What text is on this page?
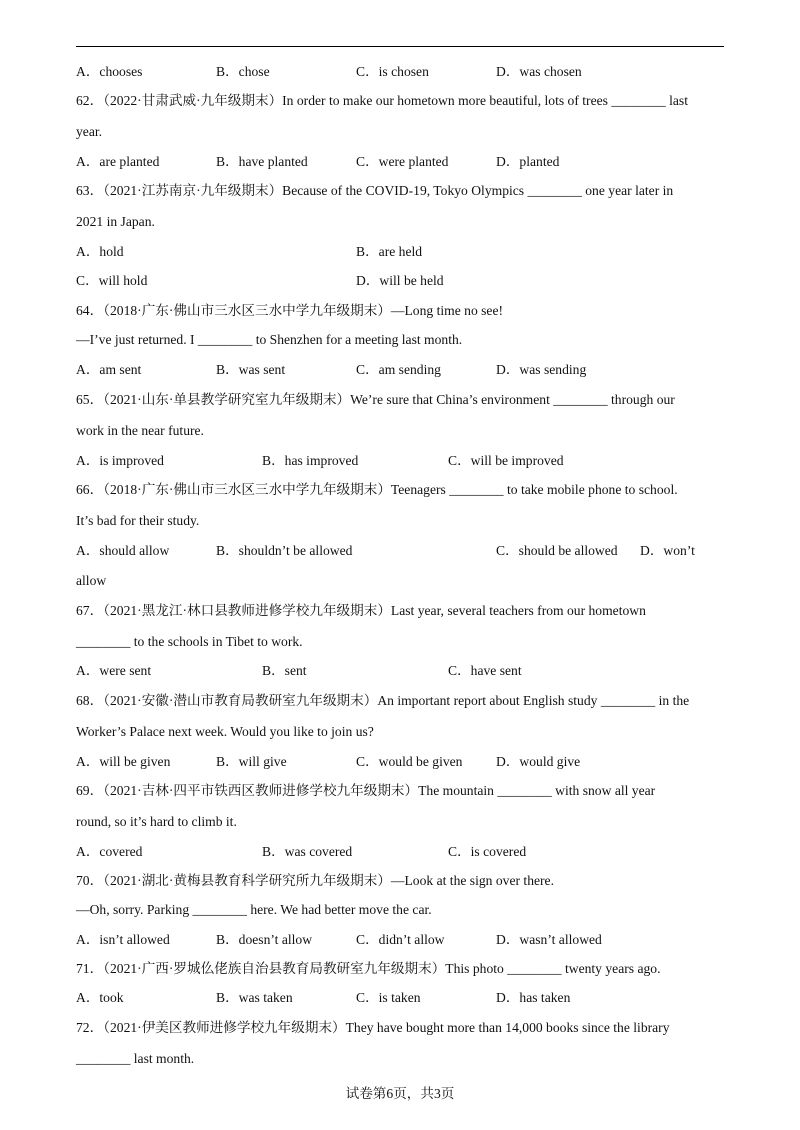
A．chooses	B．chose	C．is chosen	D．was chosen
62．（2022·甘肃武威·九年级期末）In order to make our hometown more beautiful, lots of trees ________ last
year.
A．are planted	B．have planted	C．were planted	D．planted
63．（2021·江苏南京·九年级期末）Because of the COVID-19, Tokyo Olympics ________ one year later in
2021 in Japan.
A．hold	B．are held
C．will hold	D．will be held
64．（2018·广东·佛山市三水区三水中学九年级期末）—Long time no see!
—I’ve just returned. I ________ to Shenzhen for a meeting last month.
A．am sent	B．was sent	C．am sending	D．was sending
65．（2021·山东·单县教学研究室九年级期末）We’re sure that China’s environment ________ through our
work in the near future.
A．is improved	B．has improved	C．will be improved
66．（2018·广东·佛山市三水区三水中学九年级期末）Teenagers ________ to take mobile phone to school.
It’s bad for their study.
A．should allow	B．shouldn’t be allowed	C．should be allowed D．won’t
allow
67．（2021·黑龙江·林口县教师进修学校九年级期末）Last year, several teachers from our hometown
________ to the schools in Tibet to work.
A．were sent	B．sent	C．have sent
68．（2021·安徽·潜山市教育局教研室九年级期末）An important report about English study ________ in the
Worker’s Palace next week. Would you like to join us?
A．will be given	B．will give	C．would be given D．would give
69．（2021·吉林·四平市铁西区教师进修学校九年级期末）The mountain ________ with snow all year
round, so it’s hard to climb it.
A．covered	B．was covered	C．is covered
70．（2021·湖北·黄梅县教育科学研究所九年级期末）—Look at the sign over there.
—Oh, sorry. Parking ________ here. We had better move the car.
A．isn’t allowed	B．doesn’t allow	C．didn’t allow	D．wasn’t allowed
71．（2021·广西·罗城仫佬族自治县教育局教研室九年级期末）This photo ________ twenty years ago.
A．took	B．was taken	C．is taken	D．has taken
72．（2021·伊美区教师进修学校九年级期末）They have bought more than 14,000 books since the library
________ last month.
试卷第6页，共3页
